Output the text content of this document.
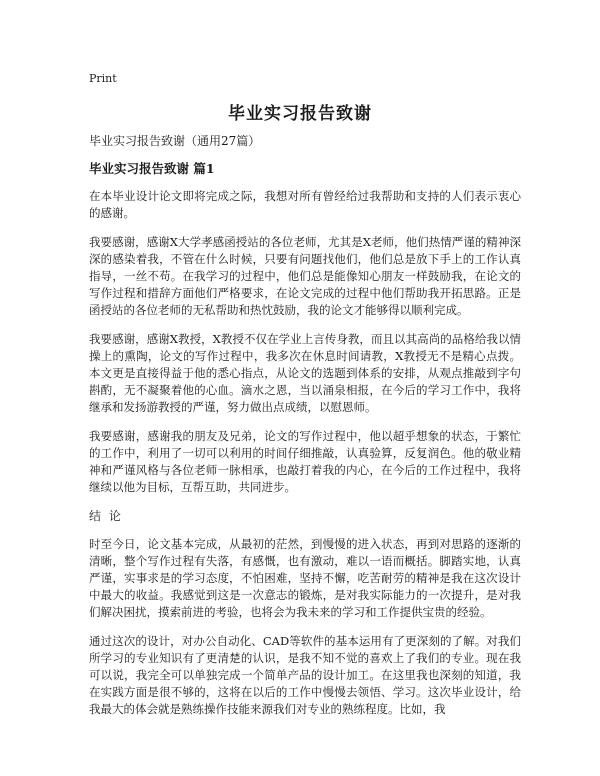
Print
毕业实习报告致谢

毕业实习报告致谢（通用27篇）

毕业实习报告致谢 篇1

在本毕业设计论文即将完成之际，我想对所有曾经给过我帮助和支持的人们表示衷心的感谢。

我要感谢，感谢X大学孝感函授站的各位老师，尤其是X老师，他们热情严谨的精神深深的感染着我，不管在什么时候，只要有问题找他们，他们总是放下手上的工作认真指导，一丝不苟。在我学习的过程中，他们总是能像知心朋友一样鼓励我，在论文的写作过程和措辞方面他们严格要求，在论文完成的过程中他们帮助我开拓思路。正是函授站的各位老师的无私帮助和热忱鼓励，我的论文才能够得以顺利完成。

我要感谢，感谢X教授，X教授不仅在学业上言传身教，而且以其高尚的品格给我以情操上的熏陶，论文的写作过程中，我多次在休息时间请教，X教授无不是精心点拨。本文更是直接得益于他的悉心指点，从论文的选题到体系的安排，从观点推敲到字句斟酌，无不凝聚着他的心血。滴水之恩，当以涌泉相报，在今后的学习工作中，我将继承和发扬游教授的严谨，努力做出点成绩，以慰恩师。

我要感谢，感谢我的朋友及兄弟，论文的写作过程中，他以超乎想象的状态，于繁忙的工作中，利用了一切可以利用的时间仔细推敲，认真验算，反复润色。他的敬业精神和严谨风格与各位老师一脉相承，也敲打着我的内心，在今后的工作过程中，我将继续以他为目标，互帮互助，共同进步。

结 论

时至今日，论文基本完成，从最初的茫然，到慢慢的进入状态，再到对思路的逐渐的清晰，整个写作过程有失落，有感慨，也有激动，难以一语而概括。脚踏实地，认真严谨，实事求是的学习态度，不怕困难，坚持不懈，吃苦耐劳的精神是我在这次设计中最大的收益。我感觉到这是一次意志的锻炼，是对我实际能力的一次提升，是对我们解决困扰，摸索前进的考验，也将会为我未来的学习和工作提供宝贵的经验。

通过这次的设计，对办公自动化、CAD等软件的基本运用有了更深刻的了解。对我们所学习的专业知识有了更清楚的认识，是我不知不觉的喜欢上了我们的专业。现在我可以说，我完全可以单独完成一个简单产品的设计加工。在这里我也深刻的知道，我在实践方面是很不够的，这将在以后的工作中慢慢去领悟、学习。这次毕业设计，给我最大的体会就是熟练操作技能来源我们对专业的熟练程度。比如，我
